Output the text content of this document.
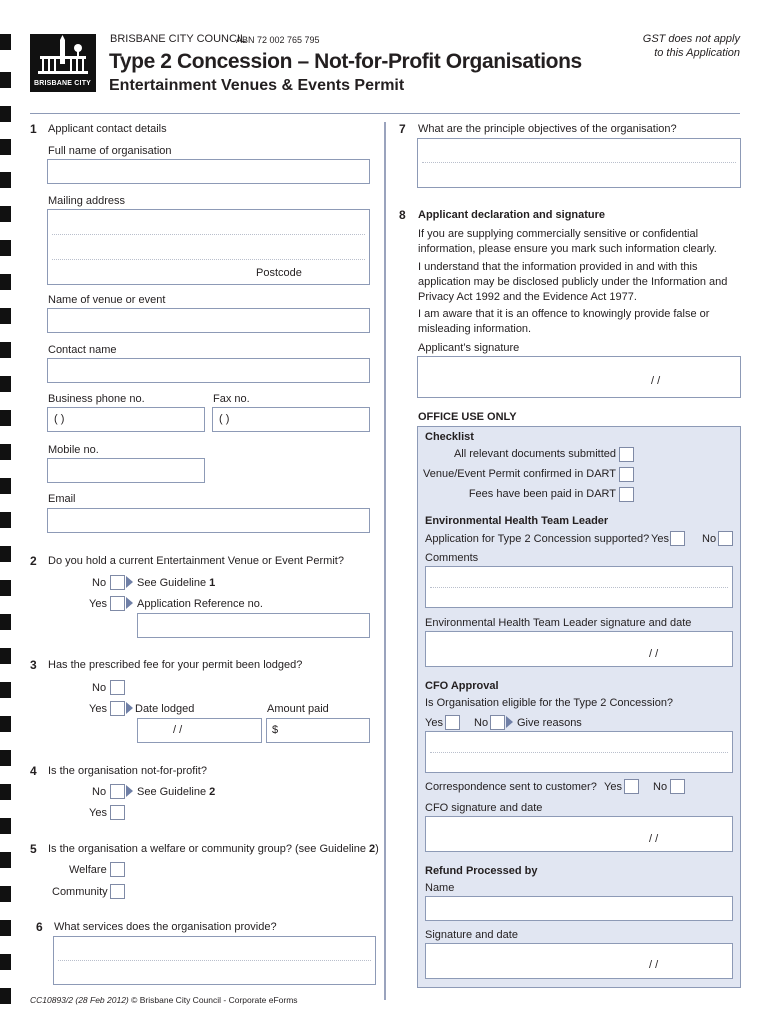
BRISBANE CITY
BRISBANE CITY COUNCIL
ABN 72 002 765 795
Type 2 Concession – Not-for-Profit Organisations
Entertainment Venues & Events Permit
GST does not apply
to this Application
1 Applicant contact details
Full name of organisation
Mailing address
Postcode
Name of venue or event
Contact name
Business phone no.	Fax no.
( )	( )
Mobile no.
Email
2 Do you hold a current Entertainment Venue or Event Permit?
No	See Guideline 1
Yes	Application Reference no.
3 Has the prescribed fee for your permit been lodged?
No
Yes	Date lodged	Amount paid
/ /	$
4 Is the organisation not-for-profit?
No	See Guideline 2
Yes
5 Is the organisation a welfare or community group? (see Guideline 2)
Welfare
Community
6 What services does the organisation provide?
CC10893/2 (28 Feb 2012) © Brisbane City Council - Corporate eForms
7 What are the principle objectives of the organisation?
8 Applicant declaration and signature
If you are supplying commercially sensitive or confidential
information, please ensure you mark such information clearly.
I understand that the information provided in and with this
application may be disclosed publicly under the Information and
Privacy Act 1992 and the Evidence Act 1977.
I am aware that it is an offence to knowingly provide false or
misleading information.
Applicant’s signature
/ /
OFFICE USE ONLY
Checklist
All relevant documents submitted
Venue/Event Permit confirmed in DART
Fees have been paid in DART
Environmental Health Team Leader
Application for Type 2 Concession supported? Yes	No
Comments
Environmental Health Team Leader signature and date
/ /
CFO Approval
Is Organisation eligible for the Type 2 Concession?
Yes	No	Give reasons
Correspondence sent to customer? Yes	No
CFO signature and date
/ /
Refund Processed by
Name
Signature and date
/ /
